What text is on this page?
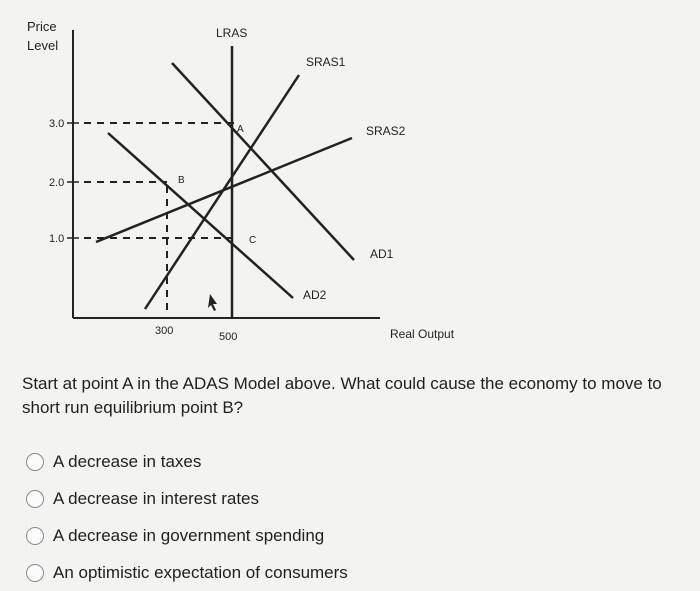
Price
Level
Real Output
3.0
2.0
1.0
300	500
LRAS
SRAS1
SRAS2
AD1
AD2
A
B
C
Start at point A in the ADAS Model above. What could cause the economy to move to short run equilibrium point B?
A decrease in taxes
A decrease in interest rates
A decrease in government spending
An optimistic expectation of consumers
